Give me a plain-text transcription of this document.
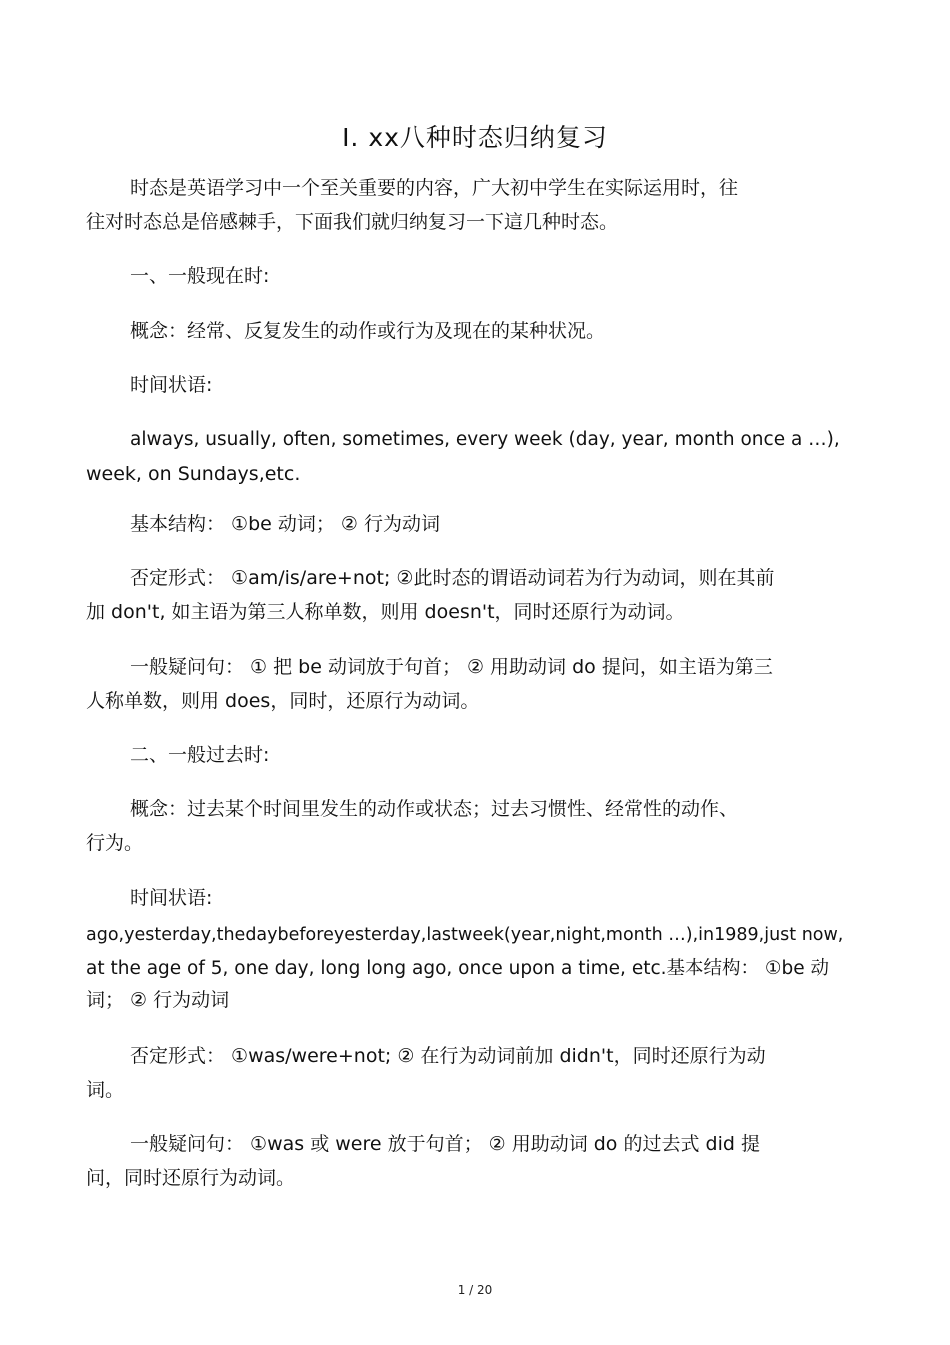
Ⅰ. xx八种时态归纳复习
时态是英语学习中一个至关重要的内容，广大初中学生在实际运用时，往
往对时态总是倍感棘手，下面我们就归纳复习一下這几种时态。
一、一般现在时:
概念：经常、反复发生的动作或行为及现在的某种状况。
时间状语:
always, usually, often, sometimes, every week (day, year, month once a …),
week, on Sundays,etc.
基本结构： ①be 动词； ② 行为动词
否定形式： ①am/is/are+not; ②此时态的谓语动词若为行为动词，则在其前
加 don't, 如主语为第三人称单数，则用 doesn't，同时还原行为动词。
一般疑问句： ① 把 be 动词放于句首； ② 用助动词 do 提问，如主语为第三
人称单数，则用 does，同时，还原行为动词。
二、一般过去时:
概念：过去某个时间里发生的动作或状态；过去习惯性、经常性的动作、
行为。
时间状语:
ago,yesterday,thedaybeforeyesterday,lastweek(year,night,month …),in1989,just now,
at the age of 5, one day, long long ago, once upon a time, etc.基本结构： ①be 动
词； ② 行为动词
否定形式： ①was/were+not; ② 在行为动词前加 didn't，同时还原行为动
词。
一般疑问句： ①was 或 were 放于句首； ② 用助动词 do 的过去式 did 提
问，同时还原行为动词。
1 / 20
